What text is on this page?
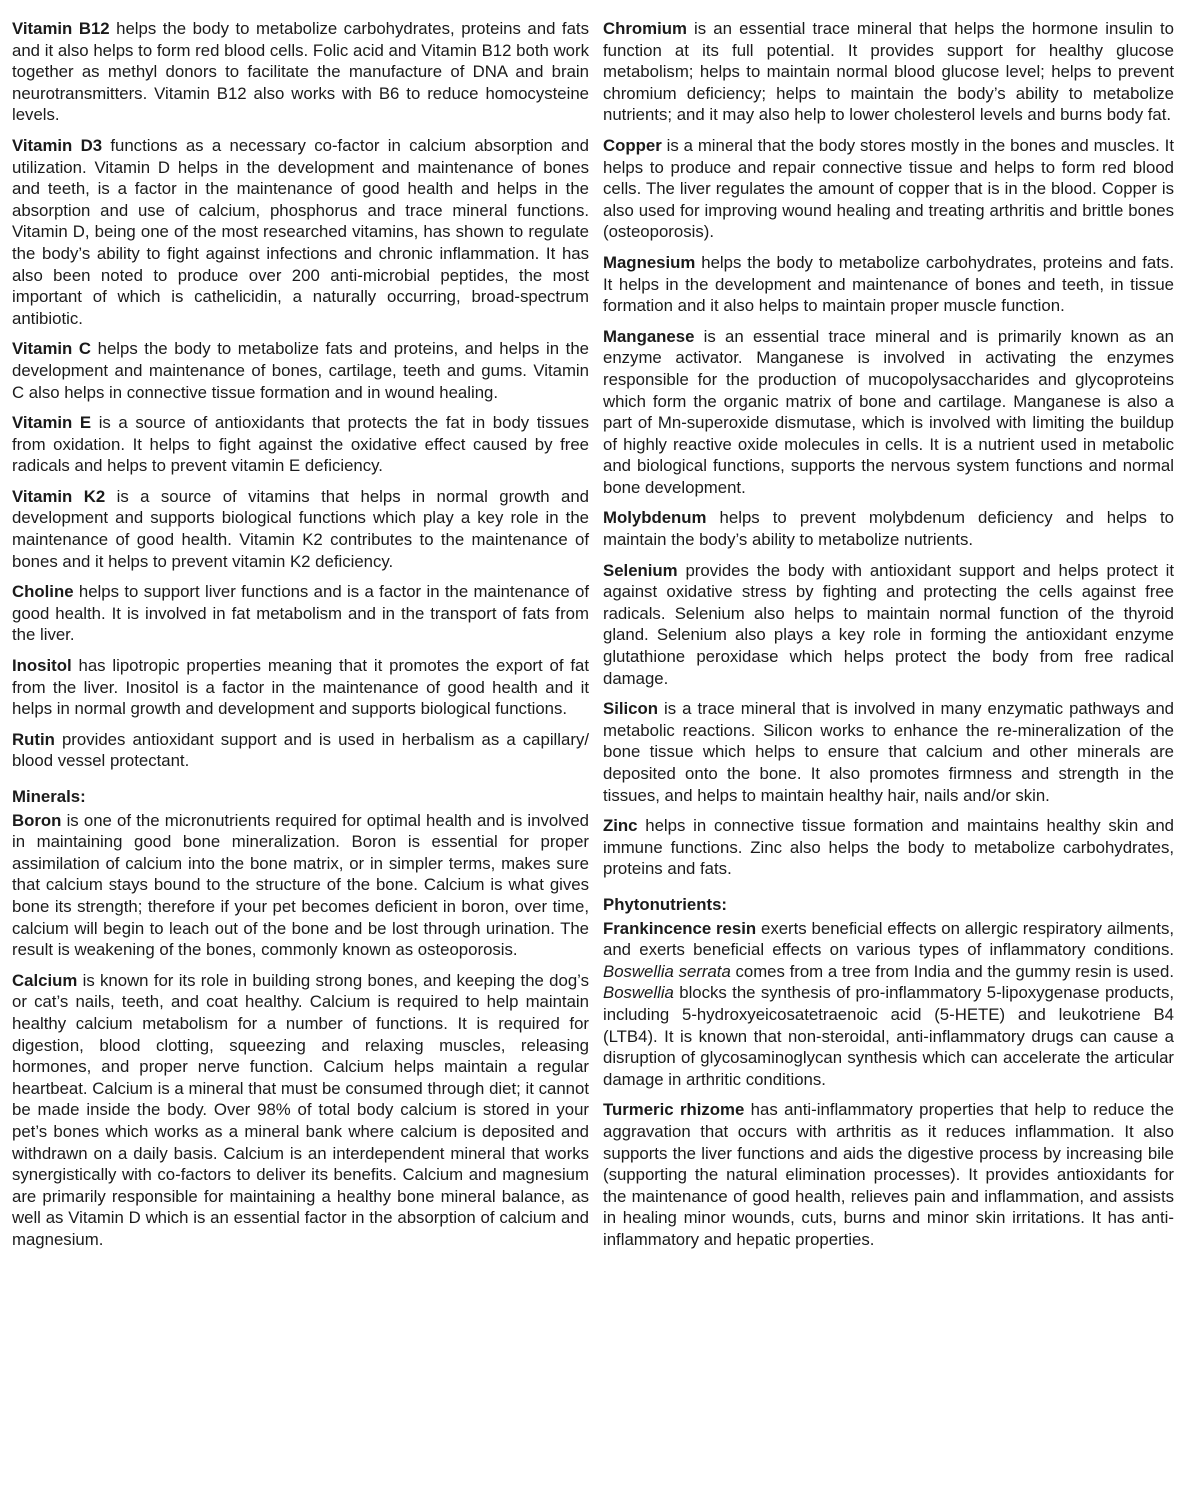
Vitamin B12 helps the body to metabolize carbohydrates, proteins and fats and it also helps to form red blood cells. Folic acid and Vitamin B12 both work together as methyl donors to facilitate the manufacture of DNA and brain neurotransmitters. Vitamin B12 also works with B6 to reduce homocysteine levels.

Vitamin D3 functions as a necessary co-factor in calcium absorption and utilization. Vitamin D helps in the development and maintenance of bones and teeth, is a factor in the maintenance of good health and helps in the absorption and use of calcium, phosphorus and trace mineral functions. Vitamin D, being one of the most researched vitamins, has shown to regulate the body’s ability to fight against infections and chronic inflammation. It has also been noted to produce over 200 anti-microbial peptides, the most important of which is cathelicidin, a naturally occurring, broad-spectrum antibiotic.

Vitamin C helps the body to metabolize fats and proteins, and helps in the development and maintenance of bones, cartilage, teeth and gums. Vitamin C also helps in connective tissue formation and in wound healing.

Vitamin E is a source of antioxidants that protects the fat in body tissues from oxidation. It helps to fight against the oxidative effect caused by free radicals and helps to prevent vitamin E deficiency.

Vitamin K2 is a source of vitamins that helps in normal growth and development and supports biological functions which play a key role in the maintenance of good health. Vitamin K2 contributes to the maintenance of bones and it helps to prevent vitamin K2 deficiency.

Choline helps to support liver functions and is a factor in the maintenance of good health. It is involved in fat metabolism and in the transport of fats from the liver.

Inositol has lipotropic properties meaning that it promotes the export of fat from the liver. Inositol is a factor in the maintenance of good health and it helps in normal growth and development and supports biological functions.

Rutin provides antioxidant support and is used in herbalism as a capillary/ blood vessel protectant.

Minerals:

Boron is one of the micronutrients required for optimal health and is involved in maintaining good bone mineralization. Boron is essential for proper assimilation of calcium into the bone matrix, or in simpler terms, makes sure that calcium stays bound to the structure of the bone. Calcium is what gives bone its strength; therefore if your pet becomes deficient in boron, over time, calcium will begin to leach out of the bone and be lost through urination. The result is weakening of the bones, commonly known as osteoporosis.

Calcium is known for its role in building strong bones, and keeping the dog’s or cat’s nails, teeth, and coat healthy. Calcium is required to help maintain healthy calcium metabolism for a number of functions. It is required for digestion, blood clotting, squeezing and relaxing muscles, releasing hormones, and proper nerve function. Calcium helps maintain a regular heartbeat. Calcium is a mineral that must be consumed through diet; it cannot be made inside the body. Over 98% of total body calcium is stored in your pet’s bones which works as a mineral bank where calcium is deposited and withdrawn on a daily basis. Calcium is an interdependent mineral that works synergistically with co-factors to deliver its benefits. Calcium and magnesium are primarily responsible for maintaining a healthy bone mineral balance, as well as Vitamin D which is an essential factor in the absorption of calcium and magnesium.

Chromium is an essential trace mineral that helps the hormone insulin to function at its full potential. It provides support for healthy glucose metabolism; helps to maintain normal blood glucose level; helps to prevent chromium deficiency; helps to maintain the body’s ability to metabolize nutrients; and it may also help to lower cholesterol levels and burns body fat.

Copper is a mineral that the body stores mostly in the bones and muscles. It helps to produce and repair connective tissue and helps to form red blood cells. The liver regulates the amount of copper that is in the blood. Copper is also used for improving wound healing and treating arthritis and brittle bones (osteoporosis).

Magnesium helps the body to metabolize carbohydrates, proteins and fats. It helps in the development and maintenance of bones and teeth, in tissue formation and it also helps to maintain proper muscle function.

Manganese is an essential trace mineral and is primarily known as an enzyme activator. Manganese is involved in activating the enzymes responsible for the production of mucopolysaccharides and glycoproteins which form the organic matrix of bone and cartilage. Manganese is also a part of Mn-superoxide dismutase, which is involved with limiting the buildup of highly reactive oxide molecules in cells. It is a nutrient used in metabolic and biological functions, supports the nervous system functions and normal bone development.

Molybdenum helps to prevent molybdenum deficiency and helps to maintain the body’s ability to metabolize nutrients.

Selenium provides the body with antioxidant support and helps protect it against oxidative stress by fighting and protecting the cells against free radicals. Selenium also helps to maintain normal function of the thyroid gland. Selenium also plays a key role in forming the antioxidant enzyme glutathione peroxidase which helps protect the body from free radical damage.

Silicon is a trace mineral that is involved in many enzymatic pathways and metabolic reactions. Silicon works to enhance the re-mineralization of the bone tissue which helps to ensure that calcium and other minerals are deposited onto the bone. It also promotes firmness and strength in the tissues, and helps to maintain healthy hair, nails and/or skin.

Zinc helps in connective tissue formation and maintains healthy skin and immune functions. Zinc also helps the body to metabolize carbohydrates, proteins and fats.

Phytonutrients:

Frankincence resin exerts beneficial effects on allergic respiratory ailments, and exerts beneficial effects on various types of inflammatory conditions. Boswellia serrata comes from a tree from India and the gummy resin is used. Boswellia blocks the synthesis of pro-inflammatory 5-lipoxygenase products, including 5-hydroxyeicosatetraenoic acid (5-HETE) and leukotriene B4 (LTB4). It is known that non-steroidal, anti-inflammatory drugs can cause a disruption of glycosaminoglycan synthesis which can accelerate the articular damage in arthritic conditions.

Turmeric rhizome has anti-inflammatory properties that help to reduce the aggravation that occurs with arthritis as it reduces inflammation. It also supports the liver functions and aids the digestive process by increasing bile (supporting the natural elimination processes). It provides antioxidants for the maintenance of good health, relieves pain and inflammation, and assists in healing minor wounds, cuts, burns and minor skin irritations. It has anti-inflammatory and hepatic properties.
